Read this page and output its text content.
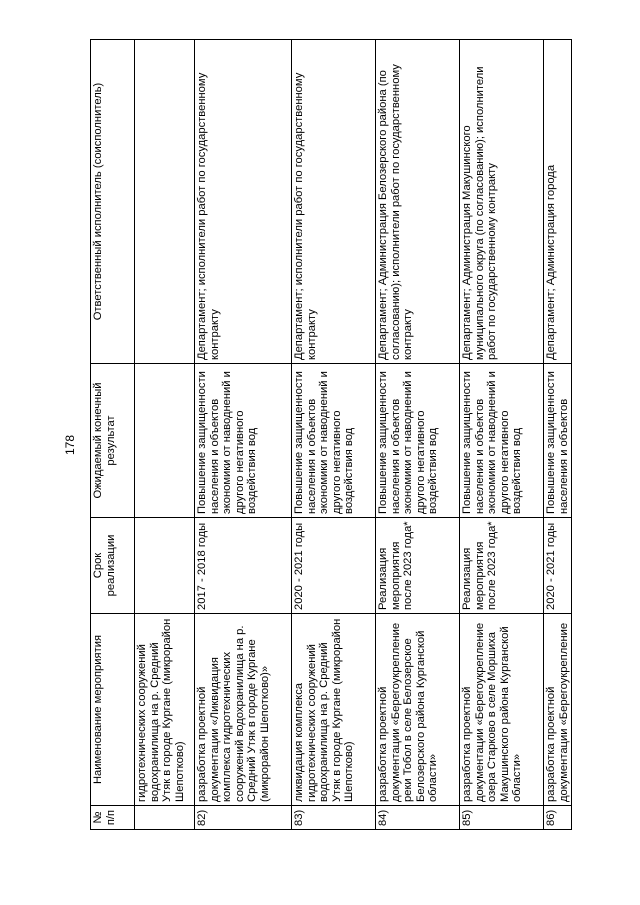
178
№ п/п	Наименование мероприятия	Срок реализации	Ожидаемый конечный результат	Ответственный исполнитель (соисполнитель)
	гидротехнических сооружений водохранилища на р. Средний Утяк в городе Кургане (микрорайон Шепотково)			
82)	разработка проектной документации «Ликвидация комплекса гидротехнических сооружений водохранилища на р. Средний Утяк в городе Кургане (микрорайон Шепотково)»	2017 - 2018 годы	Повышение защищенности населения и объектов экономики от наводнений и другого негативного воздействия вод	Департамент; исполнители работ по государственному контракту
83)	ликвидация комплекса гидротехнических сооружений водохранилища на р. Средний Утяк в городе Кургане (микрорайон Шепотково)	2020 - 2021 годы	Повышение защищенности населения и объектов экономики от наводнений и другого негативного воздействия вод	Департамент; исполнители работ по государственному контракту
84)	разработка проектной документации «Берегоукрепление реки Тобол в селе Белозерское Белозерского района Курганской области»	Реализация мероприятия после 2023 года*	Повышение защищенности населения и объектов экономики от наводнений и другого негативного воздействия вод	Департамент; Администрация Белозерского района (по согласованию); исполнители работ по государственному контракту
85)	разработка проектной документации «Берегоукрепление озера Старково в селе Моршиха Макушинского района Курганской области»	Реализация мероприятия после 2023 года*	Повышение защищенности населения и объектов экономики от наводнений и другого негативного воздействия вод	Департамент; Администрация Макушинского муниципального округа (по согласованию); исполнители работ по государственному контракту
86)	разработка проектной документации «Берегоукрепление	2020 - 2021 годы	Повышение защищенности населения и объектов	Департамент; Администрация города
